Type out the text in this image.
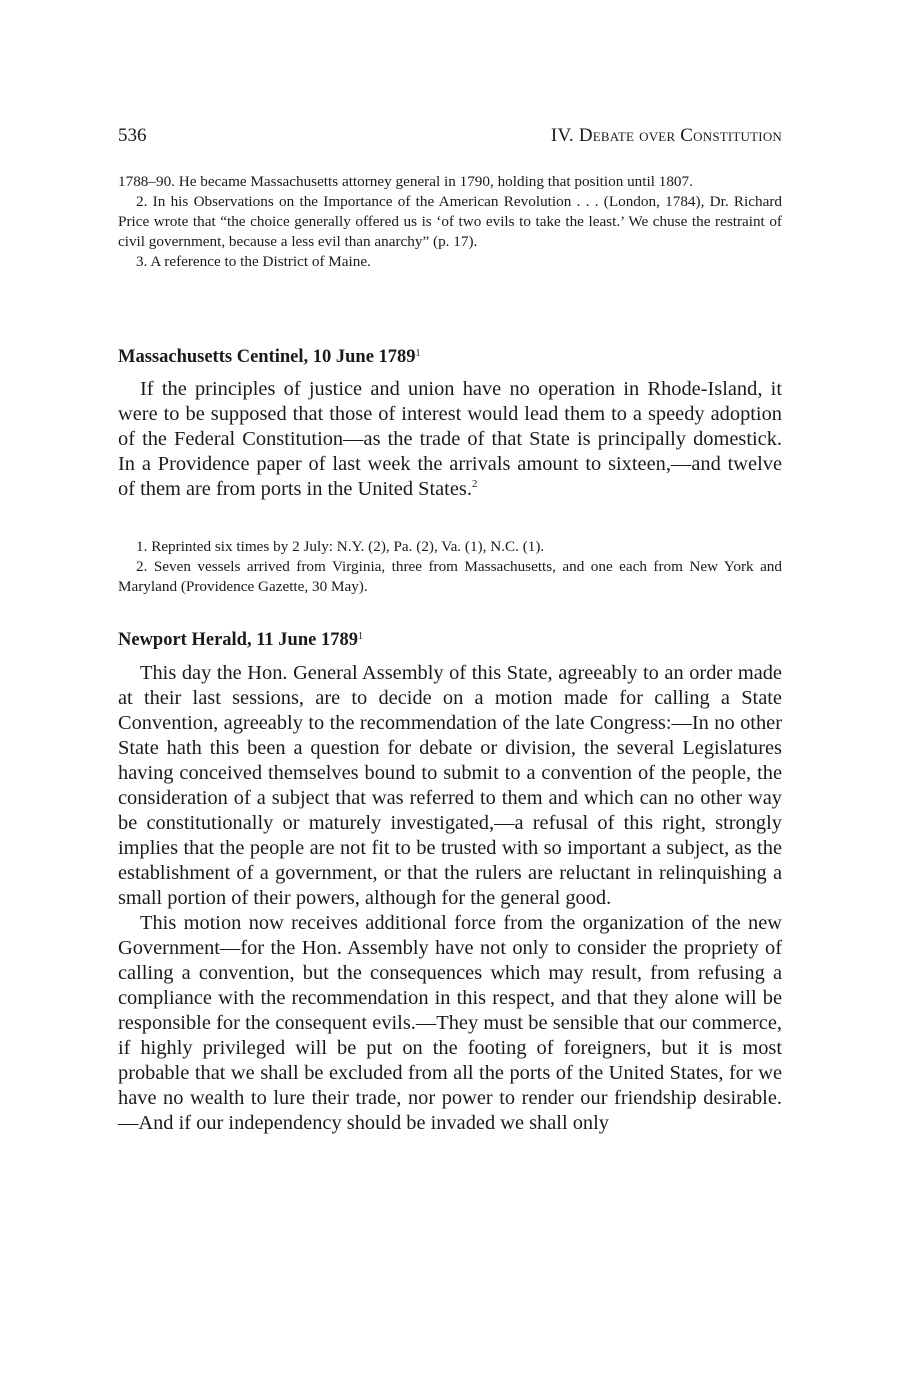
536	IV. Debate over Constitution

1788–90. He became Massachusetts attorney general in 1790, holding that position until 1807.

2. In his Observations on the Importance of the American Revolution . . . (London, 1784), Dr. Richard Price wrote that “the choice generally offered us is ‘of two evils to take the least.’ We chuse the restraint of civil government, because a less evil than anarchy” (p. 17).

3. A reference to the District of Maine.

Massachusetts Centinel, 10 June 1789$^1$

If the principles of justice and union have no operation in Rhode-Island, it were to be supposed that those of interest would lead them to a speedy adoption of the Federal Constitution—as the trade of that State is principally domestick. In a Providence paper of last week the arrivals amount to sixteen,—and twelve of them are from ports in the United States.$^2$

1. Reprinted six times by 2 July: N.Y. (2), Pa. (2), Va. (1), N.C. (1).

2. Seven vessels arrived from Virginia, three from Massachusetts, and one each from New York and Maryland (Providence Gazette, 30 May).

Newport Herald, 11 June 1789$^1$

This day the Hon. General Assembly of this State, agreeably to an order made at their last sessions, are to decide on a motion made for calling a State Convention, agreeably to the recommendation of the late Congress:—In no other State hath this been a question for debate or division, the several Legislatures having conceived themselves bound to submit to a convention of the people, the consideration of a subject that was referred to them and which can no other way be constitutionally or maturely investigated,—a refusal of this right, strongly implies that the people are not fit to be trusted with so important a subject, as the establishment of a government, or that the rulers are reluctant in relinquishing a small portion of their powers, although for the general good.

This motion now receives additional force from the organization of the new Government—for the Hon. Assembly have not only to consider the propriety of calling a convention, but the consequences which may result, from refusing a compliance with the recommendation in this respect, and that they alone will be responsible for the consequent evils.—They must be sensible that our commerce, if highly privileged will be put on the footing of foreigners, but it is most probable that we shall be excluded from all the ports of the United States, for we have no wealth to lure their trade, nor power to render our friendship desirable.—And if our independency should be invaded we shall only
